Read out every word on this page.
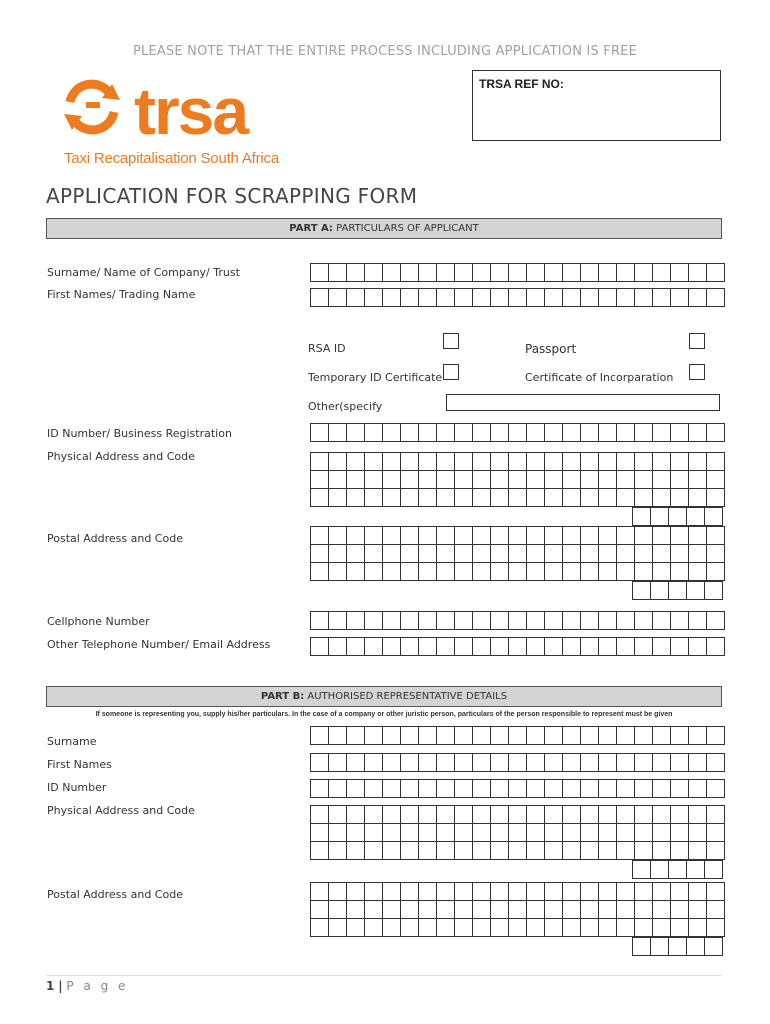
PLEASE NOTE THAT THE ENTIRE PROCESS INCLUDING APPLICATION IS FREE
trsa
Taxi Recapitalisation South Africa
TRSA REF NO:
APPLICATION FOR SCRAPPING FORM
PART A: PARTICULARS OF APPLICANT
Surname/ Name of Company/ Trust

First Names/ Trading Name

RSA ID	Passport
Temporary ID Certificate	Certificate of Incorparation
Other(specify
ID Number/ Business Registration

Physical Address and Code

Postal Address and Code

Cellphone Number

Other Telephone Number/ Email Address

PART B: AUTHORISED REPRESENTATIVE DETAILS
If someone is representing you, supply his/her particulars. In the case of a company or other juristic person, particulars of the person responsible to represent must be given
Surname

First Names

ID Number

Physical Address and Code

Postal Address and Code

1 | P a g e
